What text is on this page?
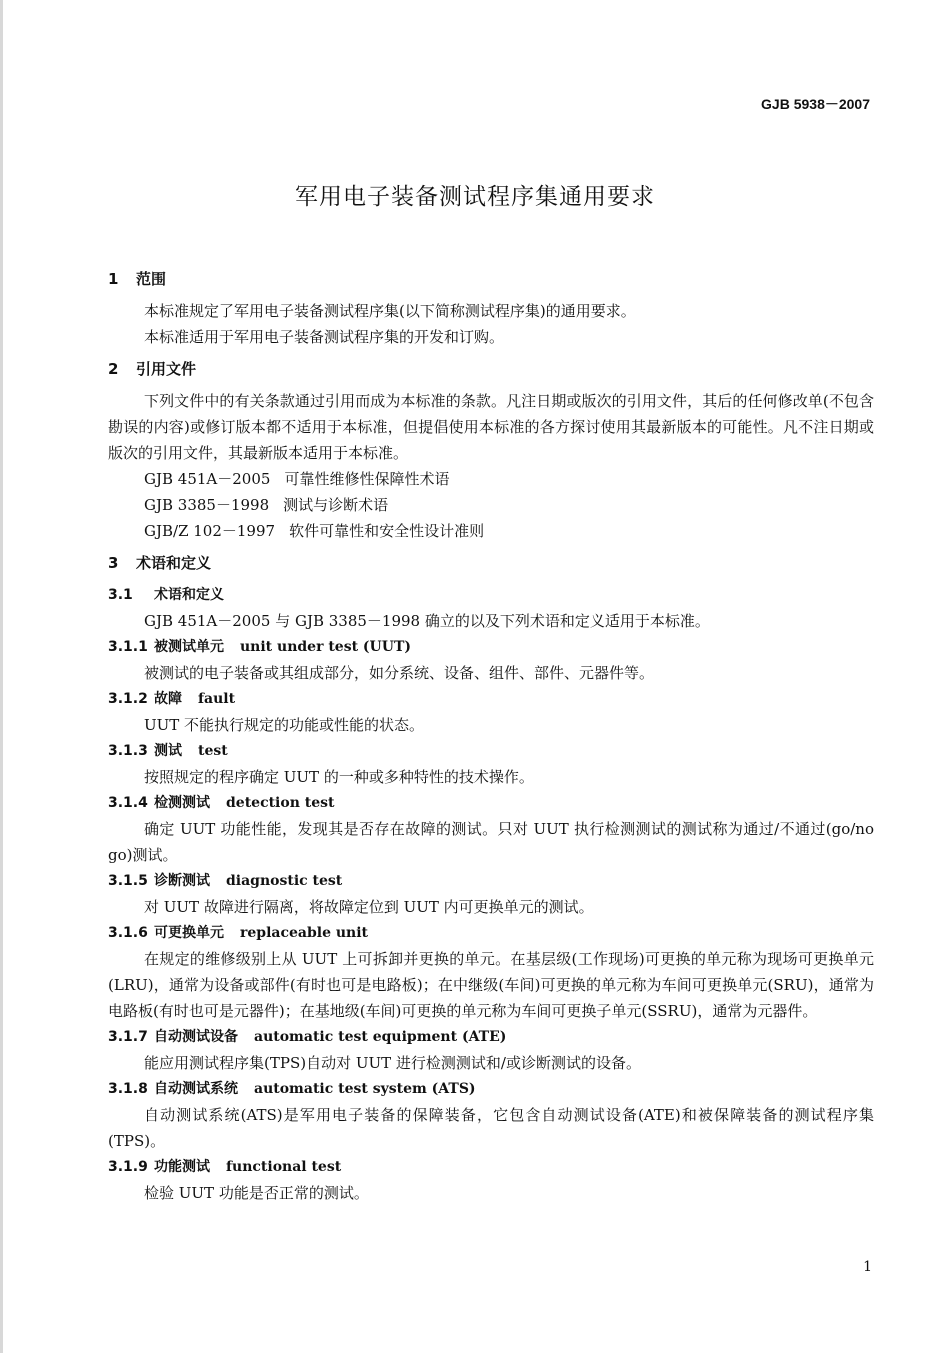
GJB 5938－2007
军用电子装备测试程序集通用要求
1 范围
本标准规定了军用电子装备测试程序集(以下简称测试程序集)的通用要求。
本标准适用于军用电子装备测试程序集的开发和订购。
2 引用文件
下列文件中的有关条款通过引用而成为本标准的条款。凡注日期或版次的引用文件，其后的任何修改单(不包含勘误的内容)或修订版本都不适用于本标准，但提倡使用本标准的各方探讨使用其最新版本的可能性。凡不注日期或版次的引用文件，其最新版本适用于本标准。
GJB 451A－2005 可靠性维修性保障性术语
GJB 3385－1998 测试与诊断术语
GJB/Z 102－1997 软件可靠性和安全性设计准则
3 术语和定义
3.1 术语和定义
GJB 451A－2005 与 GJB 3385－1998 确立的以及下列术语和定义适用于本标准。
3.1.1 被测试单元 unit under test (UUT)
被测试的电子装备或其组成部分，如分系统、设备、组件、部件、元器件等。
3.1.2 故障 fault
UUT 不能执行规定的功能或性能的状态。
3.1.3 测试 test
按照规定的程序确定 UUT 的一种或多种特性的技术操作。
3.1.4 检测测试 detection test
确定 UUT 功能性能，发现其是否存在故障的测试。只对 UUT 执行检测测试的测试称为通过/不通过(go/no go)测试。
3.1.5 诊断测试 diagnostic test
对 UUT 故障进行隔离，将故障定位到 UUT 内可更换单元的测试。
3.1.6 可更换单元 replaceable unit
在规定的维修级别上从 UUT 上可拆卸并更换的单元。在基层级(工作现场)可更换的单元称为现场可更换单元(LRU)，通常为设备或部件(有时也可是电路板)；在中继级(车间)可更换的单元称为车间可更换单元(SRU)，通常为电路板(有时也可是元器件)；在基地级(车间)可更换的单元称为车间可更换子单元(SSRU)，通常为元器件。
3.1.7 自动测试设备 automatic test equipment (ATE)
能应用测试程序集(TPS)自动对 UUT 进行检测测试和/或诊断测试的设备。
3.1.8 自动测试系统 automatic test system (ATS)
自动测试系统(ATS)是军用电子装备的保障装备，它包含自动测试设备(ATE)和被保障装备的测试程序集(TPS)。
3.1.9 功能测试 functional test
检验 UUT 功能是否正常的测试。
1
